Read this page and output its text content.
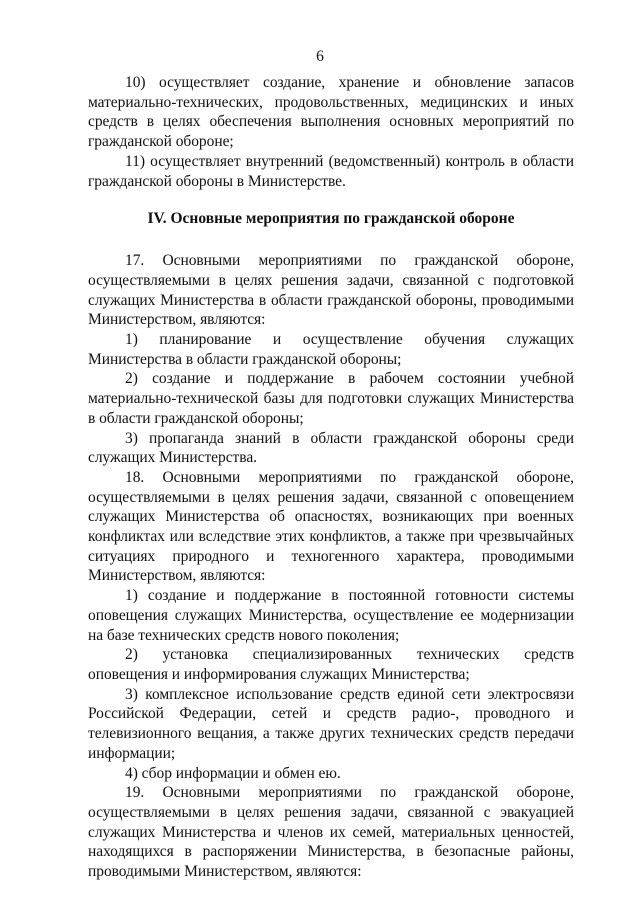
6

10) осуществляет создание, хранение и обновление запасов материально-технических, продовольственных, медицинских и иных средств в целях обеспечения выполнения основных мероприятий по гражданской обороне;

11) осуществляет внутренний (ведомственный) контроль в области гражданской обороны в Министерстве.

IV. Основные мероприятия по гражданской обороне

17. Основными мероприятиями по гражданской обороне, осуществляемыми в целях решения задачи, связанной с подготовкой служащих Министерства в области гражданской обороны, проводимыми Министерством, являются:

1) планирование и осуществление обучения служащих Министерства в области гражданской обороны;

2) создание и поддержание в рабочем состоянии учебной материально-технической базы для подготовки служащих Министерства в области гражданской обороны;

3) пропаганда знаний в области гражданской обороны среди служащих Министерства.

18. Основными мероприятиями по гражданской обороне, осуществляемыми в целях решения задачи, связанной с оповещением служащих Министерства об опасностях, возникающих при военных конфликтах или вследствие этих конфликтов, а также при чрезвычайных ситуациях природного и техногенного характера, проводимыми Министерством, являются:

1) создание и поддержание в постоянной готовности системы оповещения служащих Министерства, осуществление ее модернизации на базе технических средств нового поколения;

2) установка специализированных технических средств оповещения и информирования служащих Министерства;

3) комплексное использование средств единой сети электросвязи Российской Федерации, сетей и средств радио-, проводного и телевизионного вещания, а также других технических средств передачи информации;

4) сбор информации и обмен ею.

19. Основными мероприятиями по гражданской обороне, осуществляемыми в целях решения задачи, связанной с эвакуацией служащих Министерства и членов их семей, материальных ценностей, находящихся в распоряжении Министерства, в безопасные районы, проводимыми Министерством, являются:
